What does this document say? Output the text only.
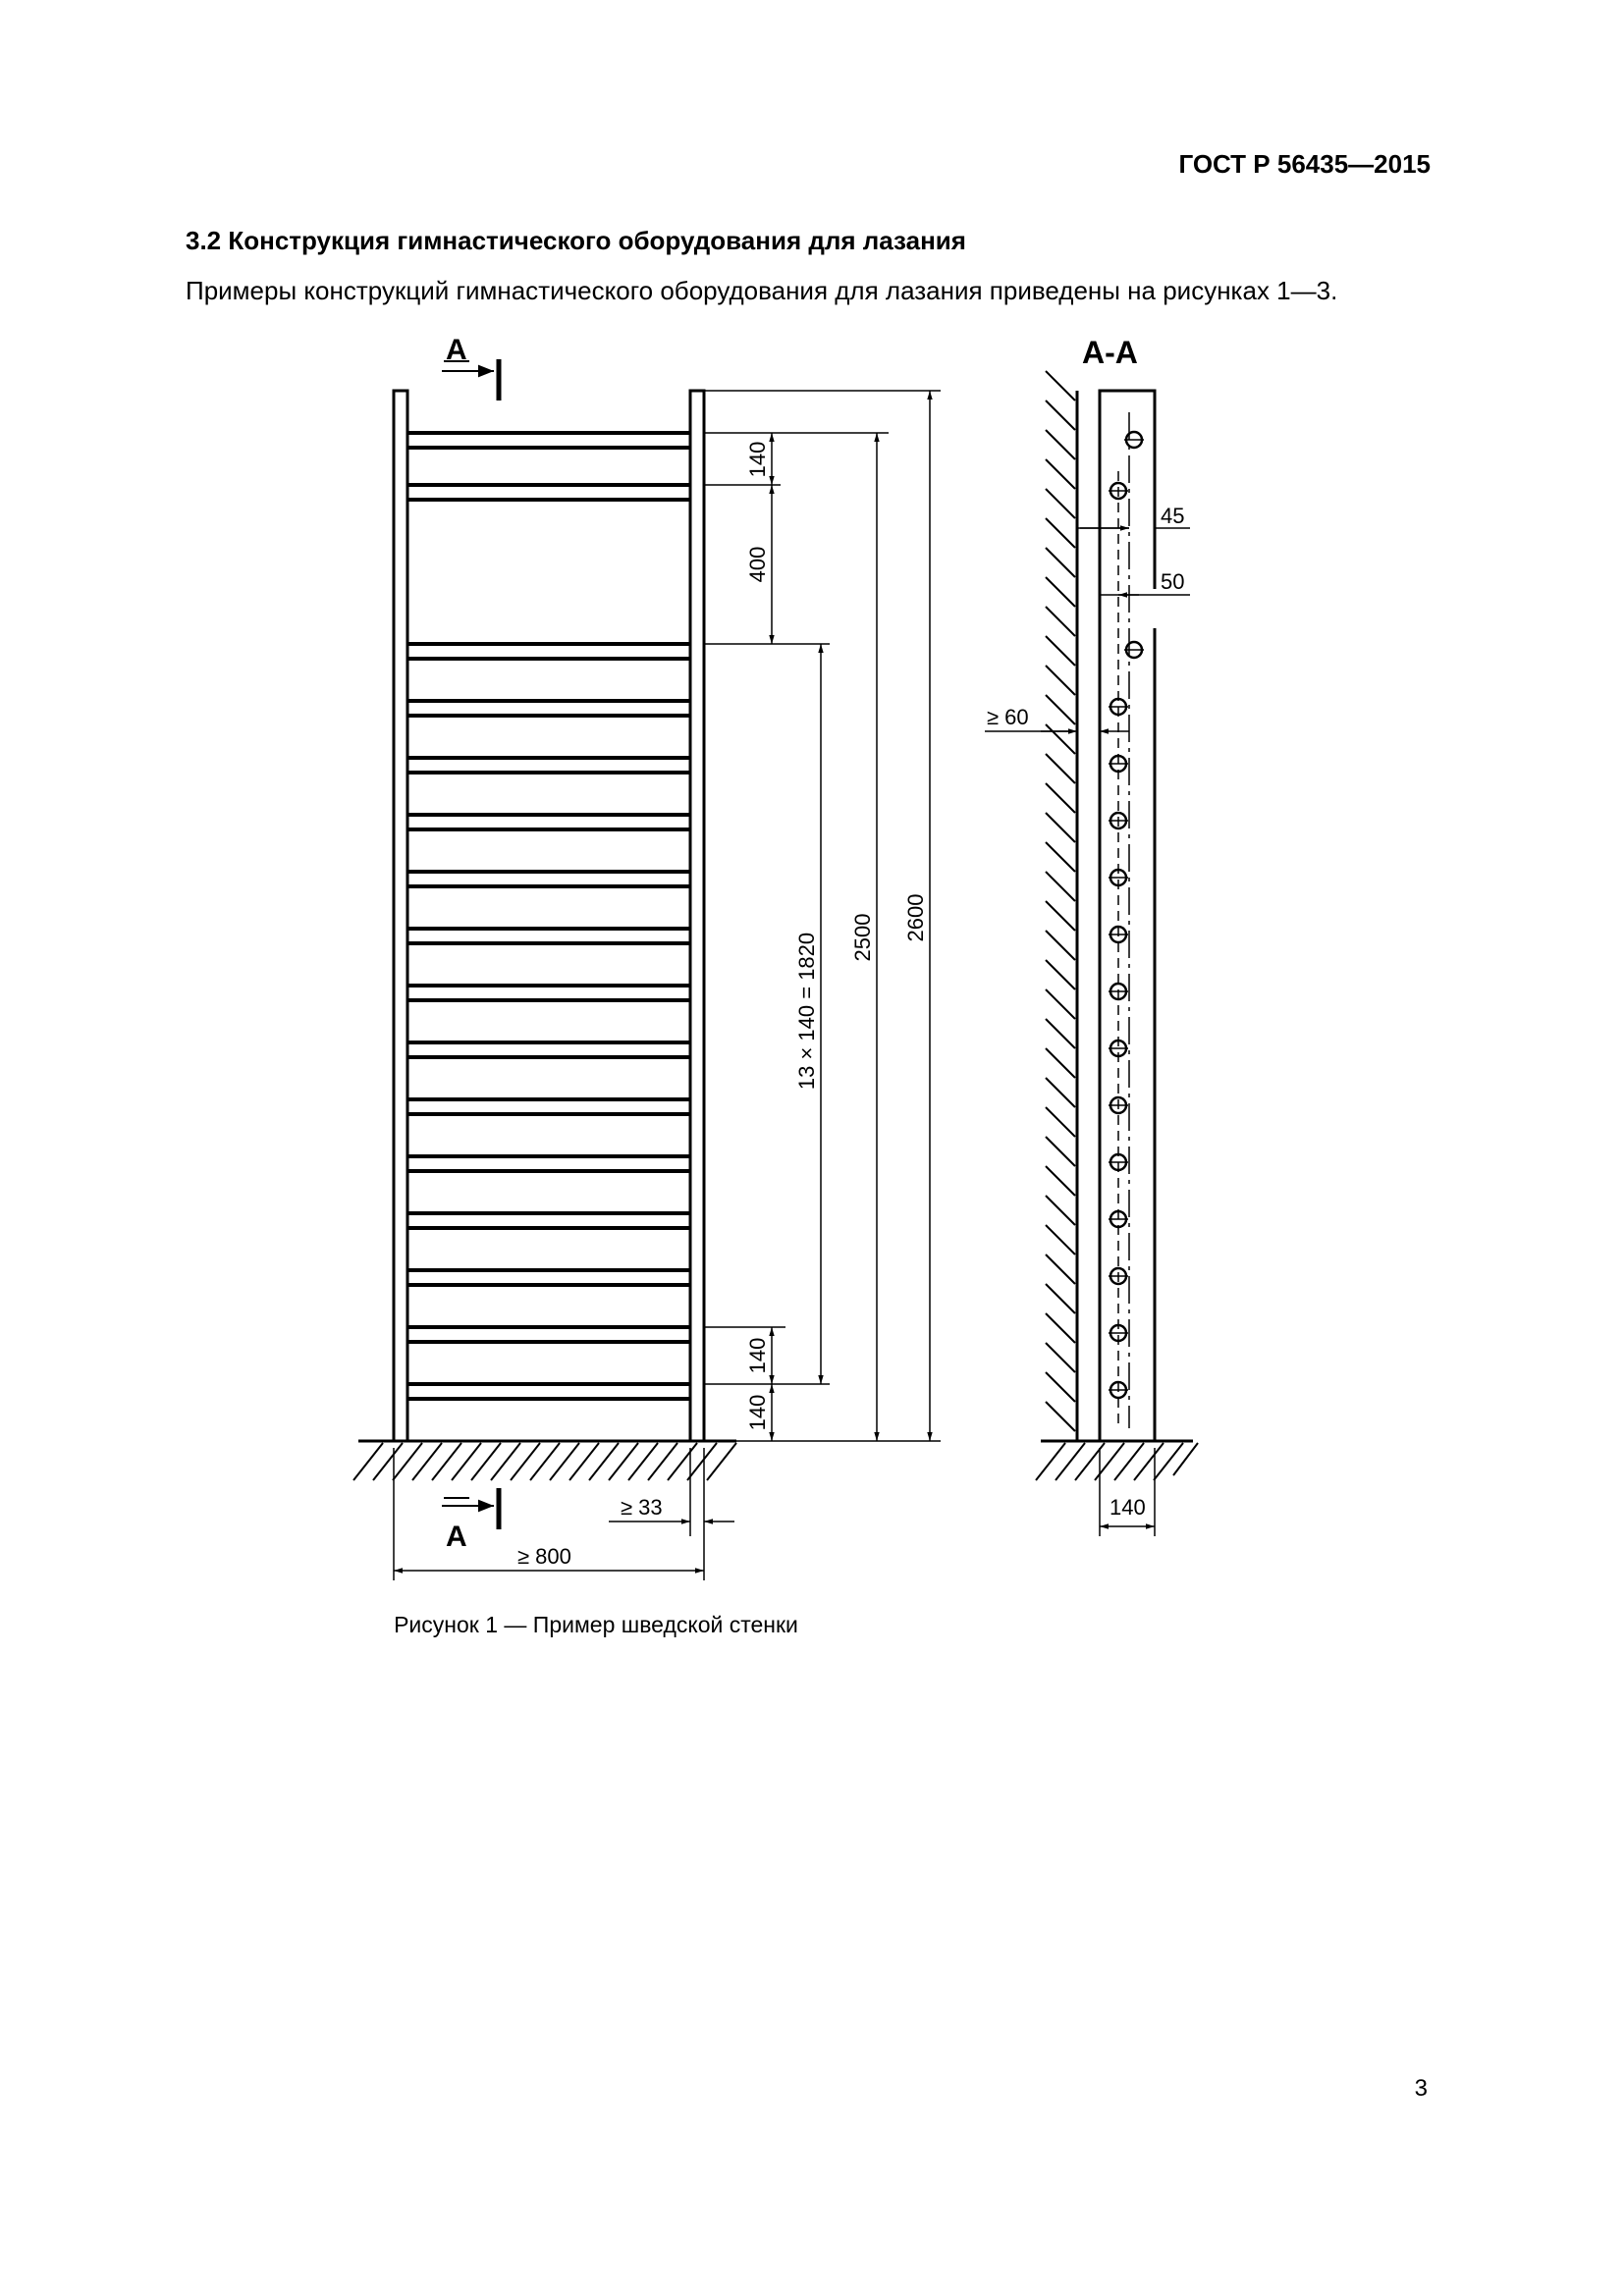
ГОСТ Р 56435—2015

3.2 Конструкция гимнастического оборудования для лазания

Примеры конструкций гимнастического оборудования для лазания приведены на рисунках 1—3.

А
А
А-А
140
400
13 × 140 = 1820 2500 2600
140
140
≥ 33
≥ 800
45
50
≥ 60
140

Рисунок 1 — Пример шведской стенки

3
